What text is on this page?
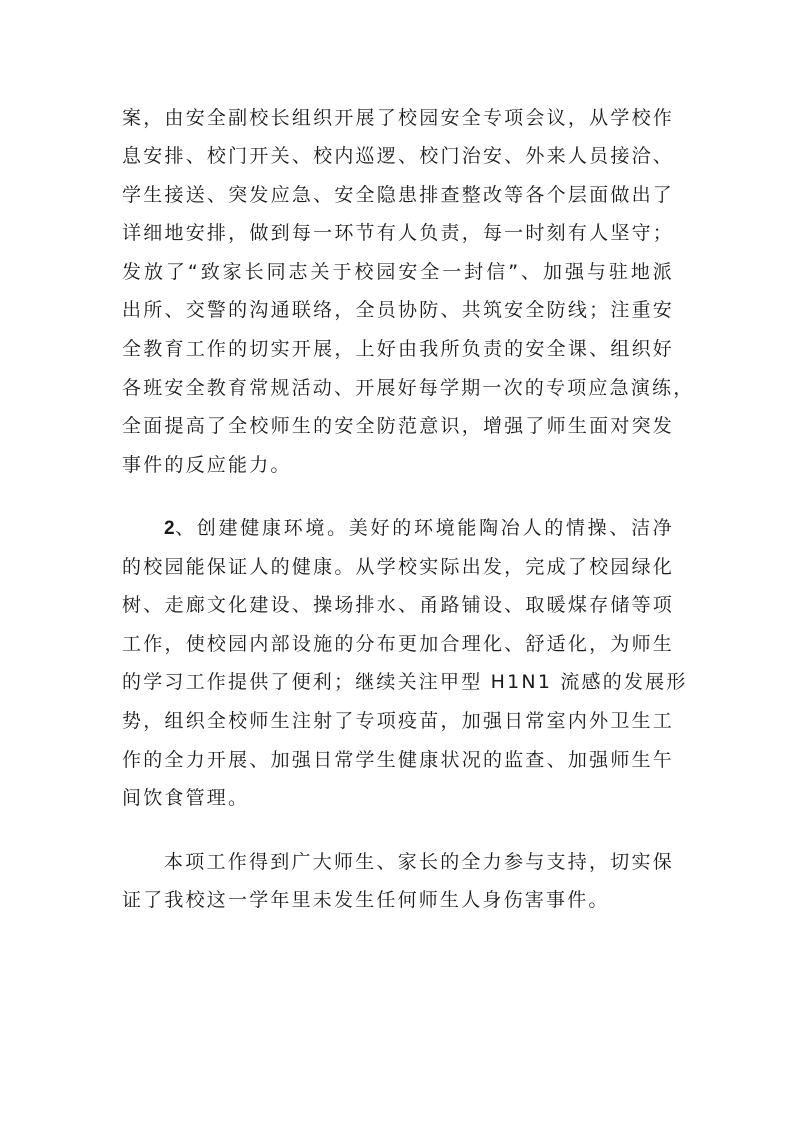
案，由安全副校长组织开展了校园安全专项会议，从学校作
息安排、校门开关、校内巡逻、校门治安、外来人员接洽、
学生接送、突发应急、安全隐患排查整改等各个层面做出了
详细地安排，做到每一环节有人负责，每一时刻有人坚守；
发放了“致家长同志关于校园安全一封信”、加强与驻地派
出所、交警的沟通联络，全员协防、共筑安全防线；注重安
全教育工作的切实开展，上好由我所负责的安全课、组织好
各班安全教育常规活动、开展好每学期一次的专项应急演练，
全面提高了全校师生的安全防范意识，增强了师生面对突发
事件的反应能力。
2、创建健康环境。美好的环境能陶冶人的情操、洁净
的校园能保证人的健康。从学校实际出发，完成了校园绿化
树、走廊文化建设、操场排水、甬路铺设、取暖煤存储等项
工作，使校园内部设施的分布更加合理化、舒适化，为师生
的学习工作提供了便利；继续关注甲型 H1N1 流感的发展形
势，组织全校师生注射了专项疫苗，加强日常室内外卫生工
作的全力开展、加强日常学生健康状况的监查、加强师生午
间饮食管理。
本项工作得到广大师生、家长的全力参与支持，切实保
证了我校这一学年里未发生任何师生人身伤害事件。
